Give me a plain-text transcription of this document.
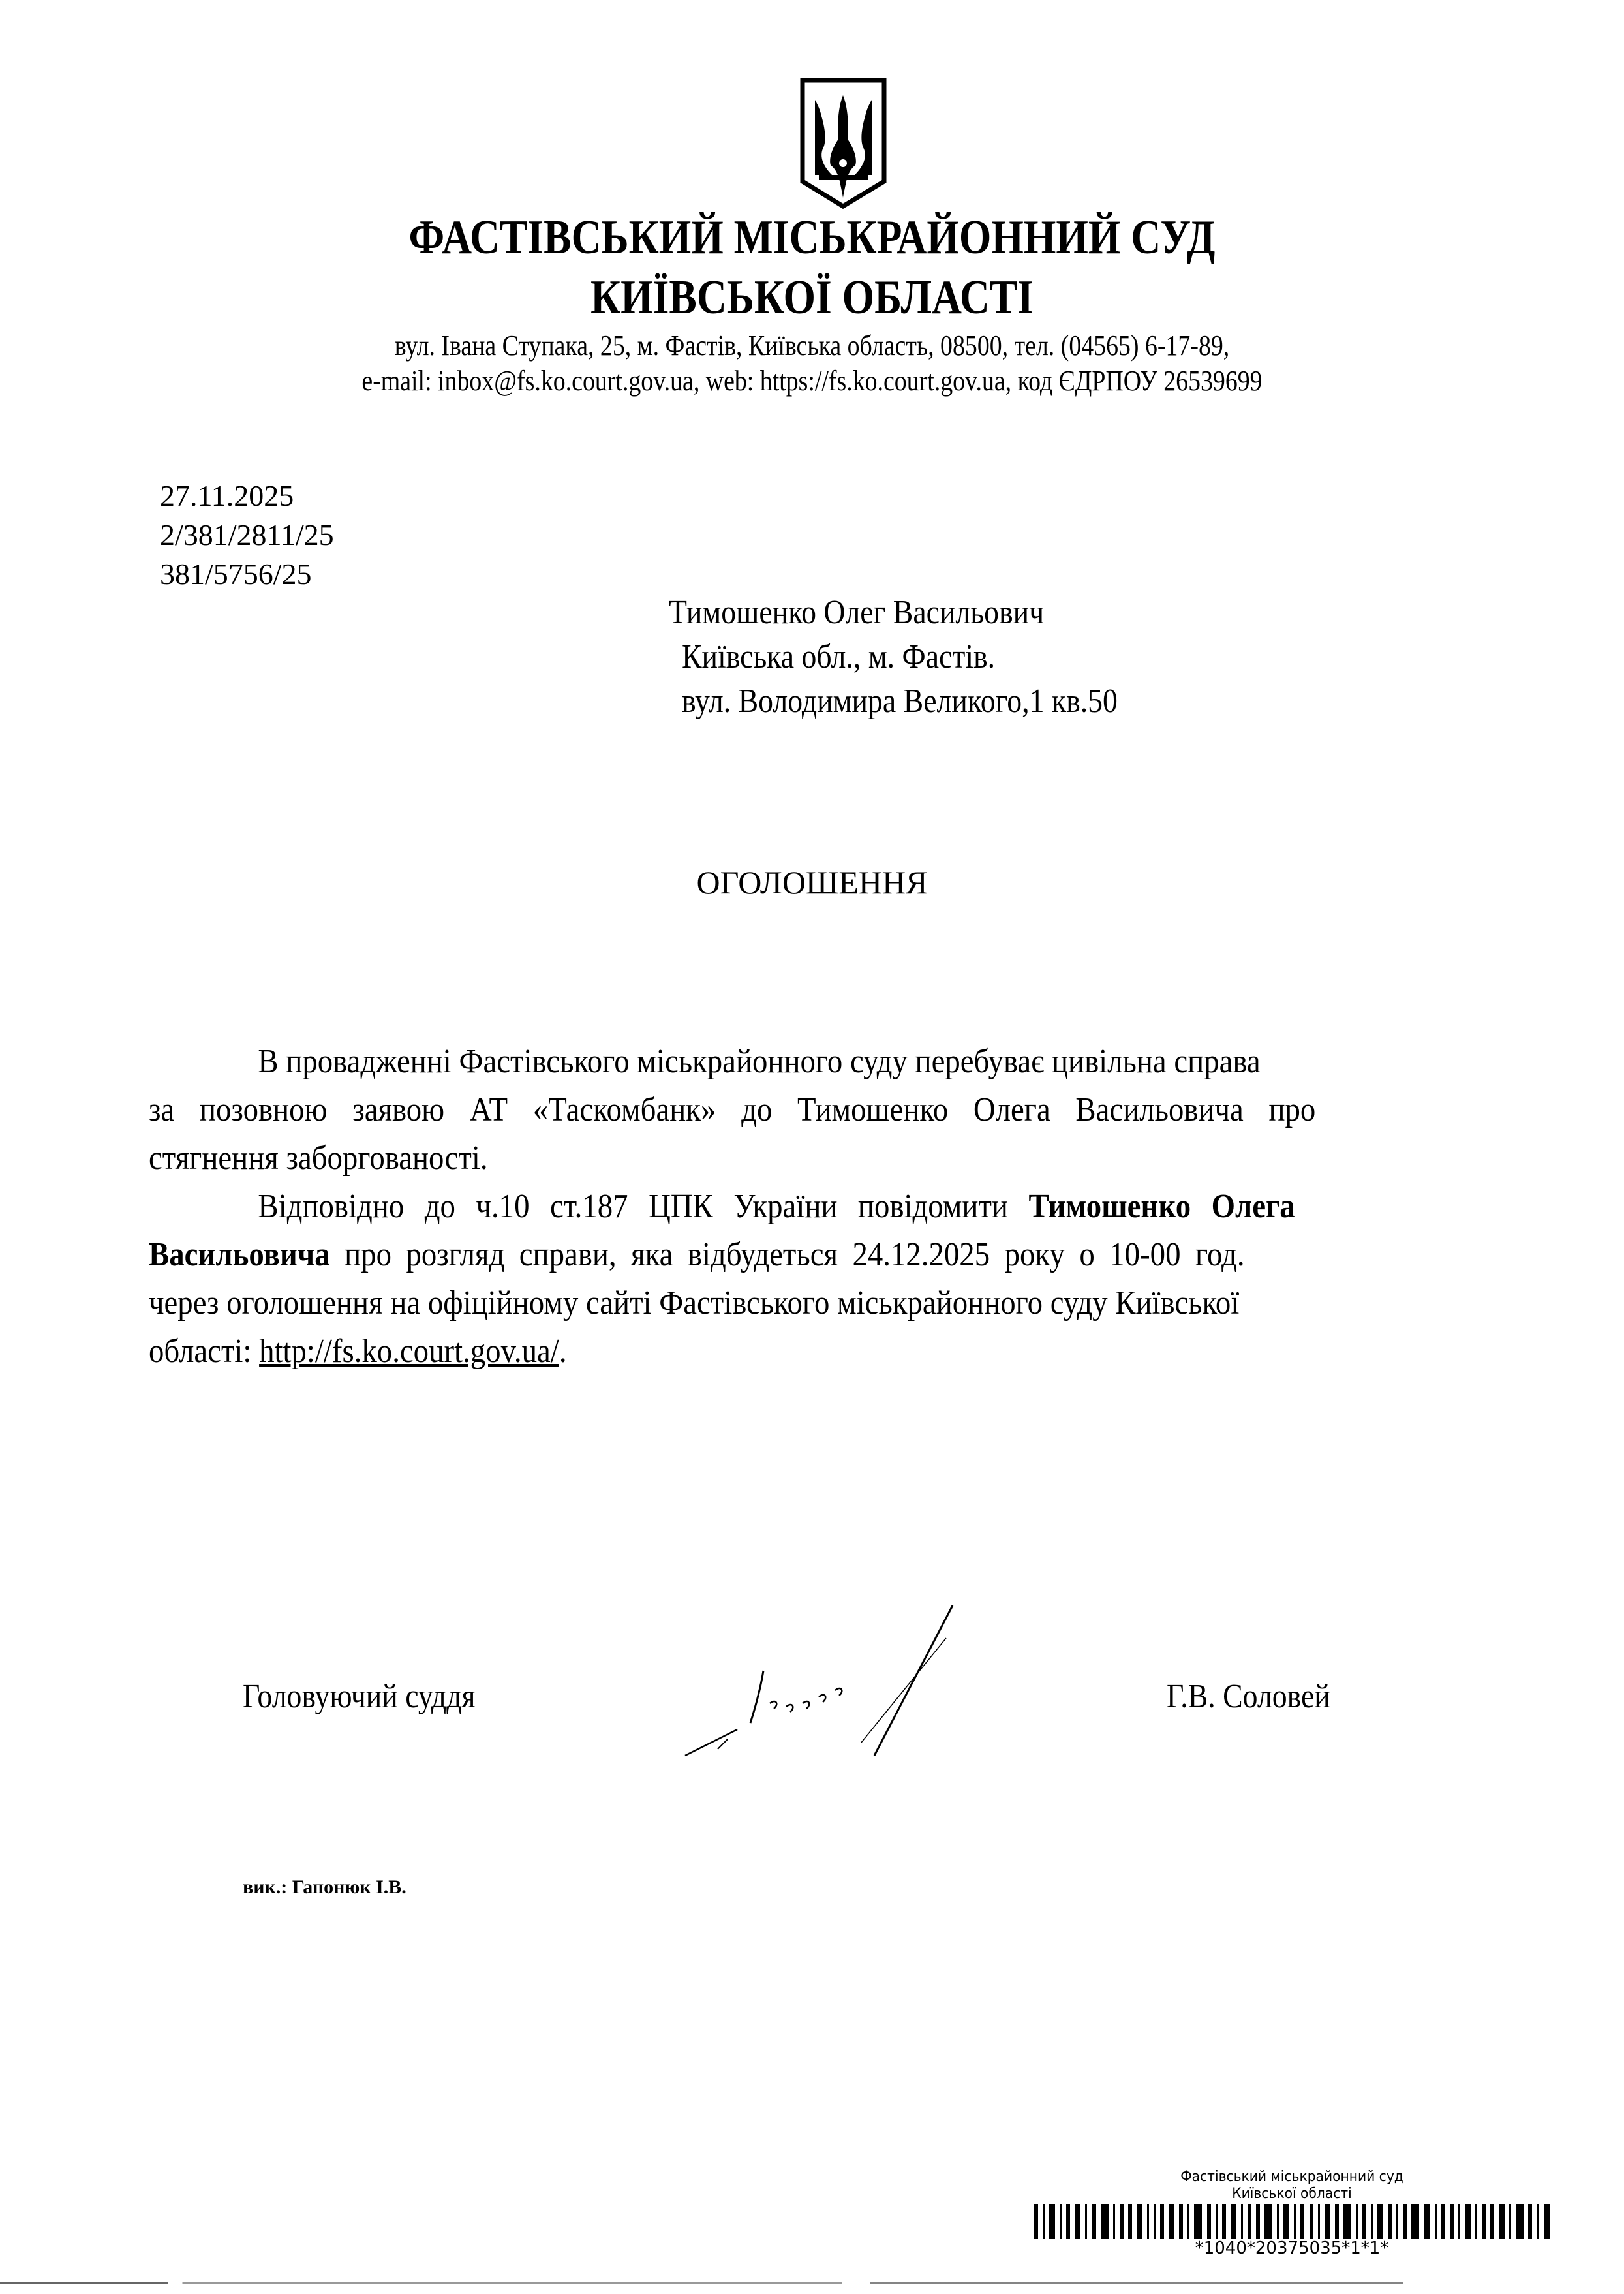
ФАСТІВСЬКИЙ МІСЬКРАЙОННИЙ СУД
КИЇВСЬКОЇ ОБЛАСТІ
вул. Івана Ступака, 25, м. Фастів, Київська область, 08500, тел. (04565) 6-17-89,
e-mail: inbox@fs.ko.court.gov.ua, web: https://fs.ko.court.gov.ua, код ЄДРПОУ 26539699
27.11.2025
2/381/2811/25
381/5756/25
Тимошенко Олег Васильович
Київська обл., м. Фастів.
вул. Володимира Великого,1 кв.50
ОГОЛОШЕННЯ
В провадженні Фастівського міськрайонного суду перебуває цивільна справа
за позовною заявою АТ «Таскомбанк» до Тимошенко Олега Васильовича про
стягнення заборгованості.
Відповідно до ч.10 ст.187 ЦПК України повідомити Тимошенко Олега
Васильовича про розгляд справи, яка відбудеться 24.12.2025 року о 10-00 год.
через оголошення на офіційному сайті Фастівського міськрайонного суду Київської
області: http://fs.ko.court.gov.ua/.
Головуючий суддя	Г.В. Соловей
вик.: Гапонюк І.В.
Фастівський міськрайонний суд
Київської області
*1040*20375035*1*1*
